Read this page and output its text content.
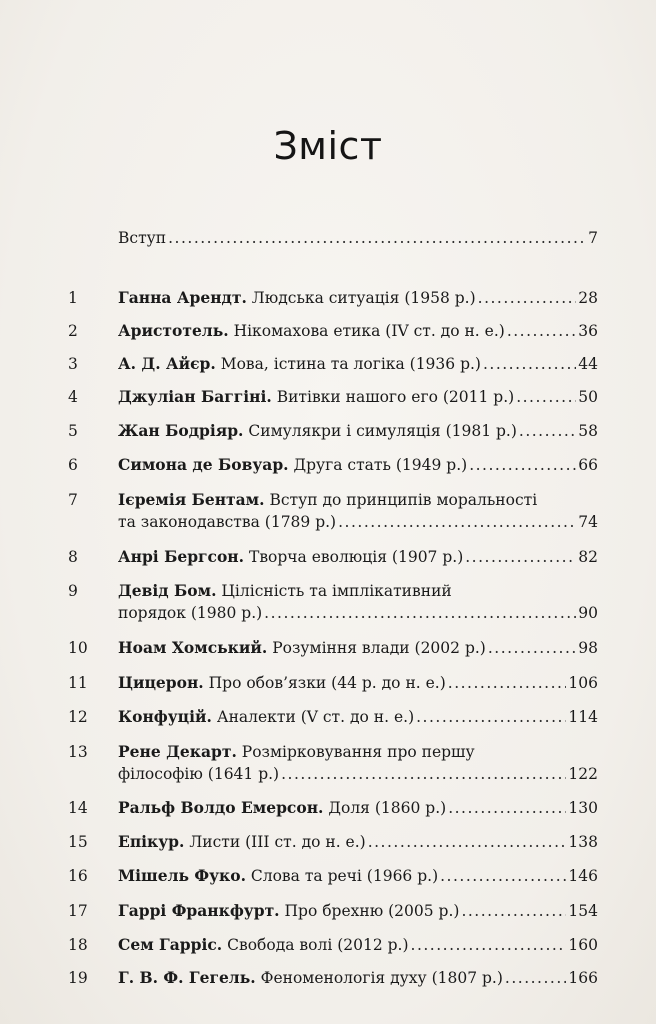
Зміст
Вступ .....	7
1	Ганна Арендт. Людська ситуація (1958 р.) .....	28
2	Аристотель. Нікомахова етика (IV ст. до н. е.) .....	36
3	А. Д. Айєр. Мова, істина та логіка (1936 р.) .....	44
4	Джуліан Баггіні. Витівки нашого его (2011 р.) .....	50
5	Жан Бодріяр. Симулякри і симуляція (1981 р.) .....	58
6	Симона де Бовуар. Друга стать (1949 р.) .....	66
7	Ієремія Бентам. Вступ до принципів моральності
та законодавства (1789 р.) .....	74
8	Анрі Бергсон. Творча еволюція (1907 р.) .....	82
9	Девід Бом. Цілісність та імплікативний
порядок (1980 р.) .....	90
10	Ноам Хомський. Розуміння влади (2002 р.) .....	98
11	Цицерон. Про обов’язки (44 р. до н. е.) .....	106
12	Конфуцій. Аналекти (V ст. до н. е.) .....	114
13	Рене Декарт. Розмірковування про першу
філософію (1641 р.) .....	122
14	Ральф Волдо Емерсон. Доля (1860 р.) .....	130
15	Епікур. Листи (III ст. до н. е.) .....	138
16	Мішель Фуко. Слова та речі (1966 р.) .....	146
17	Гаррі Франкфурт. Про брехню (2005 р.) .....	154
18	Сем Гарріс. Свобода волі (2012 р.) .....	160
19	Г. В. Ф. Гегель. Феноменологія духу (1807 р.) .....	166
